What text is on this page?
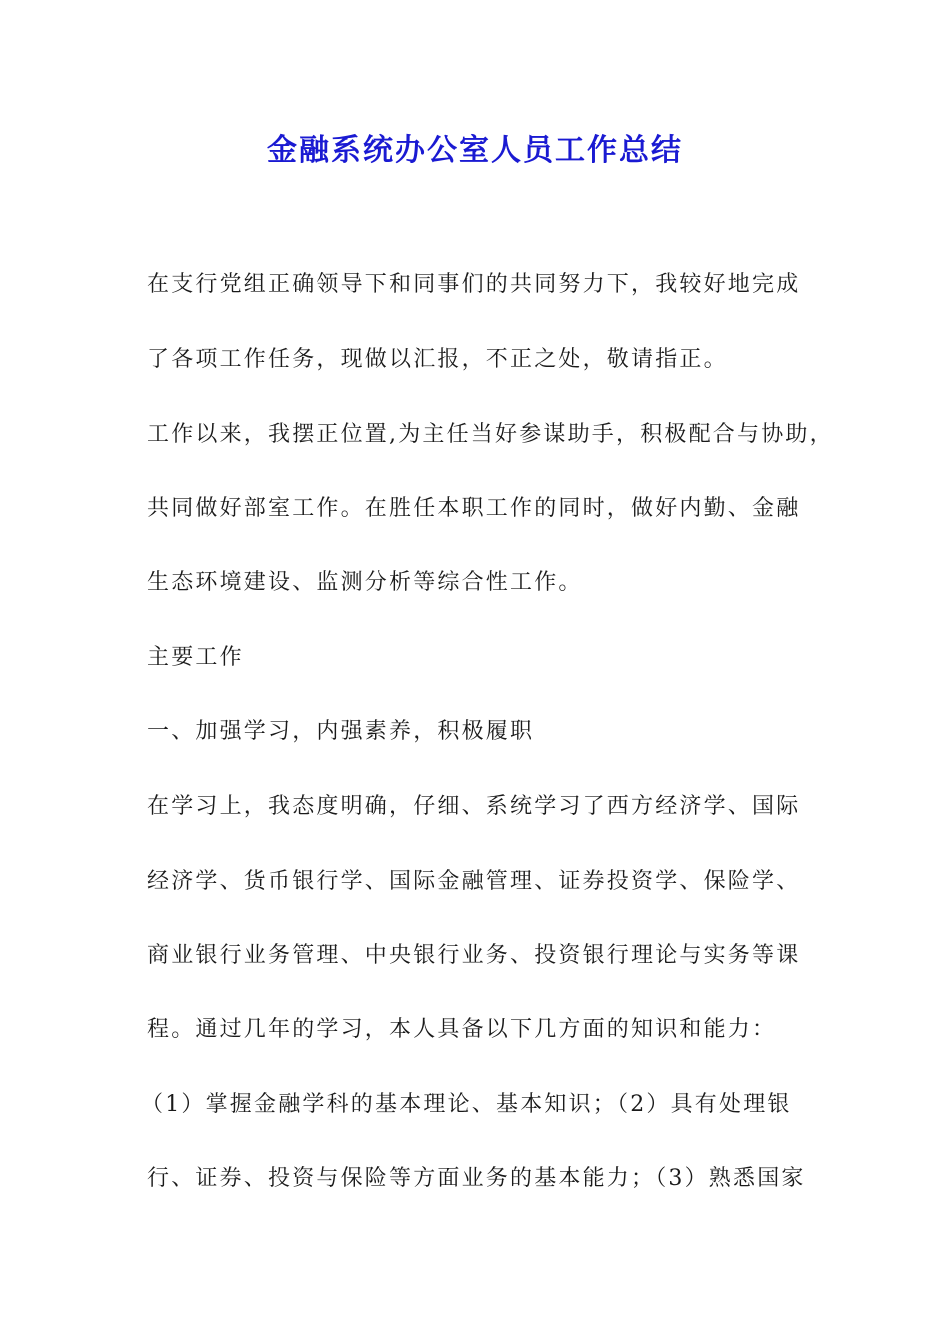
金融系统办公室人员工作总结
在支行党组正确领导下和同事们的共同努力下，我较好地完成
了各项工作任务，现做以汇报，不正之处，敬请指正。
工作以来，我摆正位置,为主任当好参谋助手，积极配合与协助，
共同做好部室工作。在胜任本职工作的同时，做好内勤、金融
生态环境建设、监测分析等综合性工作。
主要工作
一、加强学习，内强素养，积极履职
在学习上，我态度明确，仔细、系统学习了西方经济学、国际
经济学、货币银行学、国际金融管理、证券投资学、保险学、
商业银行业务管理、中央银行业务、投资银行理论与实务等课
程。通过几年的学习，本人具备以下几方面的知识和能力：
（1）掌握金融学科的基本理论、基本知识；（2）具有处理银
行、证券、投资与保险等方面业务的基本能力；（3）熟悉国家
